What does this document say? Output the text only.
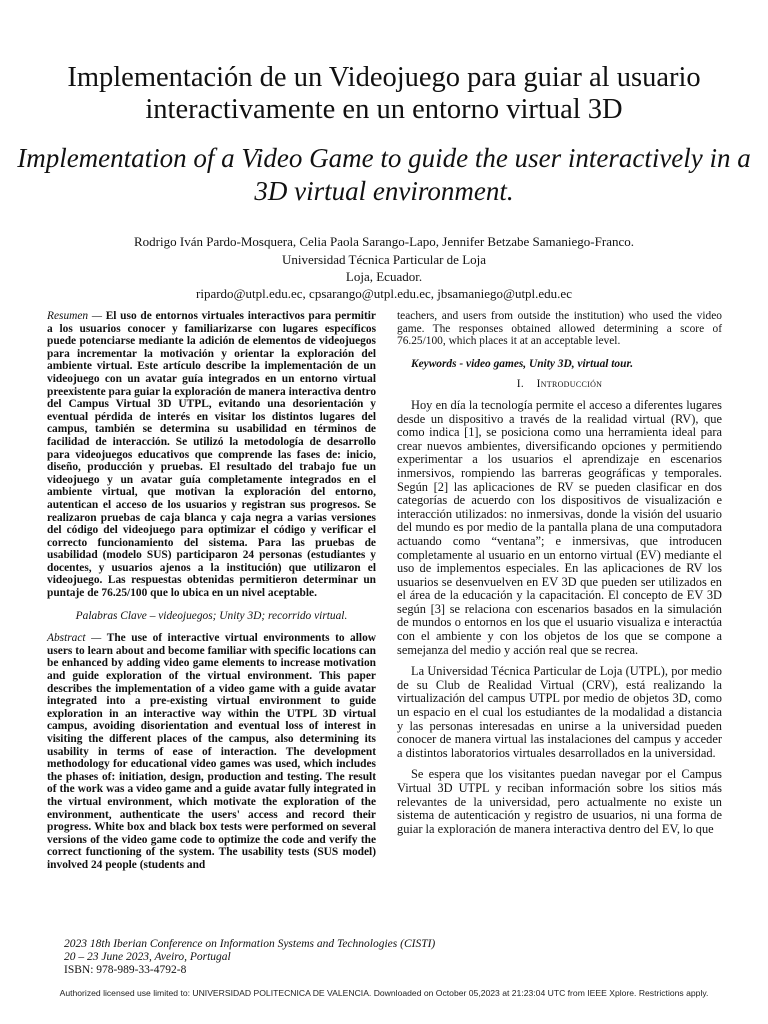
Implementación de un Videojuego para guiar al usuario interactivamente en un entorno virtual 3D
Implementation of a Video Game to guide the user interactively in a 3D virtual environment.
Rodrigo Iván Pardo-Mosquera, Celia Paola Sarango-Lapo, Jennifer Betzabe Samaniego-Franco.
Universidad Técnica Particular de Loja
Loja, Ecuador.
ripardo@utpl.edu.ec, cpsarango@utpl.edu.ec, jbsamaniego@utpl.edu.ec

Resumen — El uso de entornos virtuales interactivos para permitir a los usuarios conocer y familiarizarse con lugares específicos puede potenciarse mediante la adición de elementos de videojuegos para incrementar la motivación y orientar la exploración del ambiente virtual. Este artículo describe la implementación de un videojuego con un avatar guía integrados en un entorno virtual preexistente para guiar la exploración de manera interactiva dentro del Campus Virtual 3D UTPL, evitando una desorientación y eventual pérdida de interés en visitar los distintos lugares del campus, también se determina su usabilidad en términos de facilidad de interacción. Se utilizó la metodología de desarrollo para videojuegos educativos que comprende las fases de: inicio, diseño, producción y pruebas. El resultado del trabajo fue un videojuego y un avatar guía completamente integrados en el ambiente virtual, que motivan la exploración del entorno, autentican el acceso de los usuarios y registran sus progresos. Se realizaron pruebas de caja blanca y caja negra a varias versiones del código del videojuego para optimizar el código y verificar el correcto funcionamiento del sistema. Para las pruebas de usabilidad (modelo SUS) participaron 24 personas (estudiantes y docentes, y usuarios ajenos a la institución) que utilizaron el videojuego. Las respuestas obtenidas permitieron determinar un puntaje de 76.25/100 que lo ubica en un nivel aceptable.

Palabras Clave – videojuegos; Unity 3D; recorrido virtual.

Abstract — The use of interactive virtual environments to allow users to learn about and become familiar with specific locations can be enhanced by adding video game elements to increase motivation and guide exploration of the virtual environment. This paper describes the implementation of a video game with a guide avatar integrated into a pre-existing virtual environment to guide exploration in an interactive way within the UTPL 3D virtual campus, avoiding disorientation and eventual loss of interest in visiting the different places of the campus, also determining its usability in terms of ease of interaction. The development methodology for educational video games was used, which includes the phases of: initiation, design, production and testing. The result of the work was a video game and a guide avatar fully integrated in the virtual environment, which motivate the exploration of the environment, authenticate the users' access and record their progress. White box and black box tests were performed on several versions of the video game code to optimize the code and verify the correct functioning of the system. The usability tests (SUS model) involved 24 people (students and

teachers, and users from outside the institution) who used the video game. The responses obtained allowed determining a score of 76.25/100, which places it at an acceptable level.

Keywords - video games, Unity 3D, virtual tour.

I. Introducción

Hoy en día la tecnología permite el acceso a diferentes lugares desde un dispositivo a través de la realidad virtual (RV), que como indica [1], se posiciona como una herramienta ideal para crear nuevos ambientes, diversificando opciones y permitiendo experimentar a los usuarios el aprendizaje en escenarios inmersivos, rompiendo las barreras geográficas y temporales. Según [2] las aplicaciones de RV se pueden clasificar en dos categorías de acuerdo con los dispositivos de visualización e interacción utilizados: no inmersivas, donde la visión del usuario del mundo es por medio de la pantalla plana de una computadora actuando como “ventana”; e inmersivas, que introducen completamente al usuario en un entorno virtual (EV) mediante el uso de implementos especiales. En las aplicaciones de RV los usuarios se desenvuelven en EV 3D que pueden ser utilizados en el área de la educación y la capacitación. El concepto de EV 3D según [3] se relaciona con escenarios basados en la simulación de mundos o entornos en los que el usuario visualiza e interactúa con el ambiente y con los objetos de los que se compone a semejanza del medio y acción real que se recrea.

La Universidad Técnica Particular de Loja (UTPL), por medio de su Club de Realidad Virtual (CRV), está realizando la virtualización del campus UTPL por medio de objetos 3D, como un espacio en el cual los estudiantes de la modalidad a distancia y las personas interesadas en unirse a la universidad pueden conocer de manera virtual las instalaciones del campus y acceder a distintos laboratorios virtuales desarrollados en la universidad.

Se espera que los visitantes puedan navegar por el Campus Virtual 3D UTPL y reciban información sobre los sitios más relevantes de la universidad, pero actualmente no existe un sistema de autenticación y registro de usuarios, ni una forma de guiar la exploración de manera interactiva dentro del EV, lo que

2023 18th Iberian Conference on Information Systems and Technologies (CISTI)
20 – 23 June 2023, Aveiro, Portugal
ISBN: 978-989-33-4792-8
Authorized licensed use limited to: UNIVERSIDAD POLITECNICA DE VALENCIA. Downloaded on October 05,2023 at 21:23:04 UTC from IEEE Xplore. Restrictions apply.
